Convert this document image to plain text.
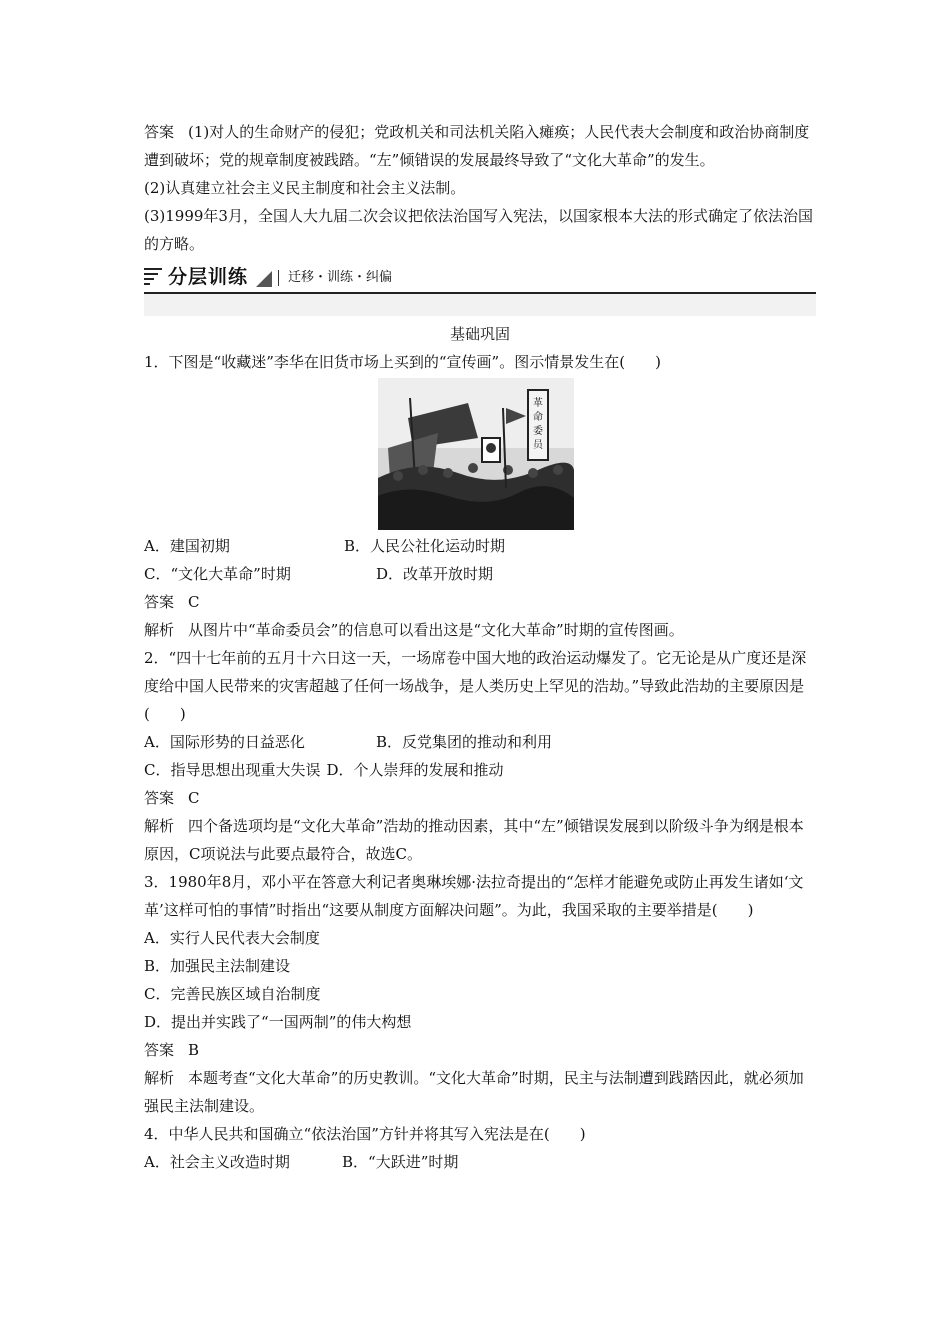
答案 (1)对人的生命财产的侵犯；党政机关和司法机关陷入瘫痪；人民代表大会制度和政治协商制度遭到破坏；党的规章制度被践踏。“左”倾错误的发展最终导致了“文化大革命”的发生。
(2)认真建立社会主义民主制度和社会主义法制。
(3)1999年3月，全国人大九届二次会议把依法治国写入宪法，以国家根本大法的形式确定了依法治国的方略。
分层训练	迁移・训练・纠偏
基础巩固
1．下图是“收藏迷”李华在旧货市场上买到的“宣传画”。图示情景发生在(　　)
革
命
委
员
A．建国初期	B．人民公社化运动时期
C．“文化大革命”时期	D．改革开放时期
答案 C
解析 从图片中“革命委员会”的信息可以看出这是“文化大革命”时期的宣传图画。
2．“四十七年前的五月十六日这一天，一场席卷中国大地的政治运动爆发了。它无论是从广度还是深度给中国人民带来的灾害超越了任何一场战争，是人类历史上罕见的浩劫。”导致此浩劫的主要原因是(　　)
A．国际形势的日益恶化	B．反党集团的推动和利用
C．指导思想出现重大失误 D．个人崇拜的发展和推动
答案 C
解析 四个备选项均是“文化大革命”浩劫的推动因素，其中“左”倾错误发展到以阶级斗争为纲是根本原因，C项说法与此要点最符合，故选C。
3．1980年8月，邓小平在答意大利记者奥琳埃娜·法拉奇提出的“怎样才能避免或防止再发生诸如‘文革’这样可怕的事情”时指出“这要从制度方面解决问题”。为此，我国采取的主要举措是(　　)
A．实行人民代表大会制度
B．加强民主法制建设
C．完善民族区域自治制度
D．提出并实践了“一国两制”的伟大构想
答案 B
解析 本题考查“文化大革命”的历史教训。“文化大革命”时期，民主与法制遭到践踏因此，就必须加强民主法制建设。
4．中华人民共和国确立“依法治国”方针并将其写入宪法是在(　　)
A．社会主义改造时期	B．“大跃进”时期
